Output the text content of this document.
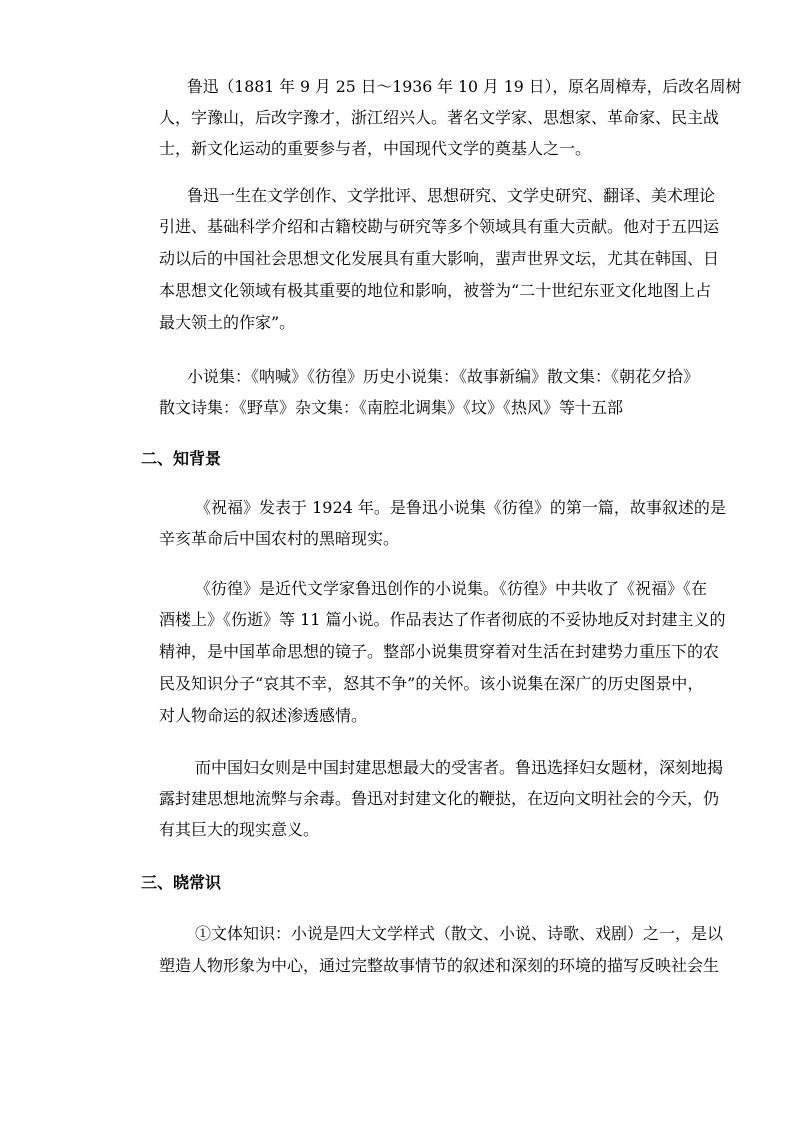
鲁迅（1881 年 9 月 25 日～1936 年 10 月 19 日），原名周樟寿，后改名周树
人，字豫山，后改字豫才，浙江绍兴人。著名文学家、思想家、革命家、民主战
士，新文化运动的重要参与者，中国现代文学的奠基人之一。
鲁迅一生在文学创作、文学批评、思想研究、文学史研究、翻译、美术理论
引进、基础科学介绍和古籍校勘与研究等多个领域具有重大贡献。他对于五四运
动以后的中国社会思想文化发展具有重大影响，蜚声世界文坛，尤其在韩国、日
本思想文化领域有极其重要的地位和影响，被誉为“二十世纪东亚文化地图上占
最大领土的作家”。
小说集：《呐喊》《彷徨》历史小说集：《故事新编》散文集：《朝花夕拾》
散文诗集：《野草》杂文集：《南腔北调集》《坟》《热风》等十五部
二、知背景
《祝福》发表于 1924 年。是鲁迅小说集《彷徨》的第一篇，故事叙述的是
辛亥革命后中国农村的黑暗现实。
《彷徨》是近代文学家鲁迅创作的小说集。《彷徨》中共收了《祝福》《在
酒楼上》《伤逝》等 11 篇小说。作品表达了作者彻底的不妥协地反对封建主义的
精神，是中国革命思想的镜子。整部小说集贯穿着对生活在封建势力重压下的农
民及知识分子“哀其不幸，怒其不争”的关怀。该小说集在深广的历史图景中，
对人物命运的叙述渗透感情。
而中国妇女则是中国封建思想最大的受害者。鲁迅选择妇女题材，深刻地揭
露封建思想地流弊与余毒。鲁迅对封建文化的鞭挞，在迈向文明社会的今天，仍
有其巨大的现实意义。
三、晓常识
①文体知识：小说是四大文学样式（散文、小说、诗歌、戏剧）之一，是以
塑造人物形象为中心，通过完整故事情节的叙述和深刻的环境的描写反映社会生
